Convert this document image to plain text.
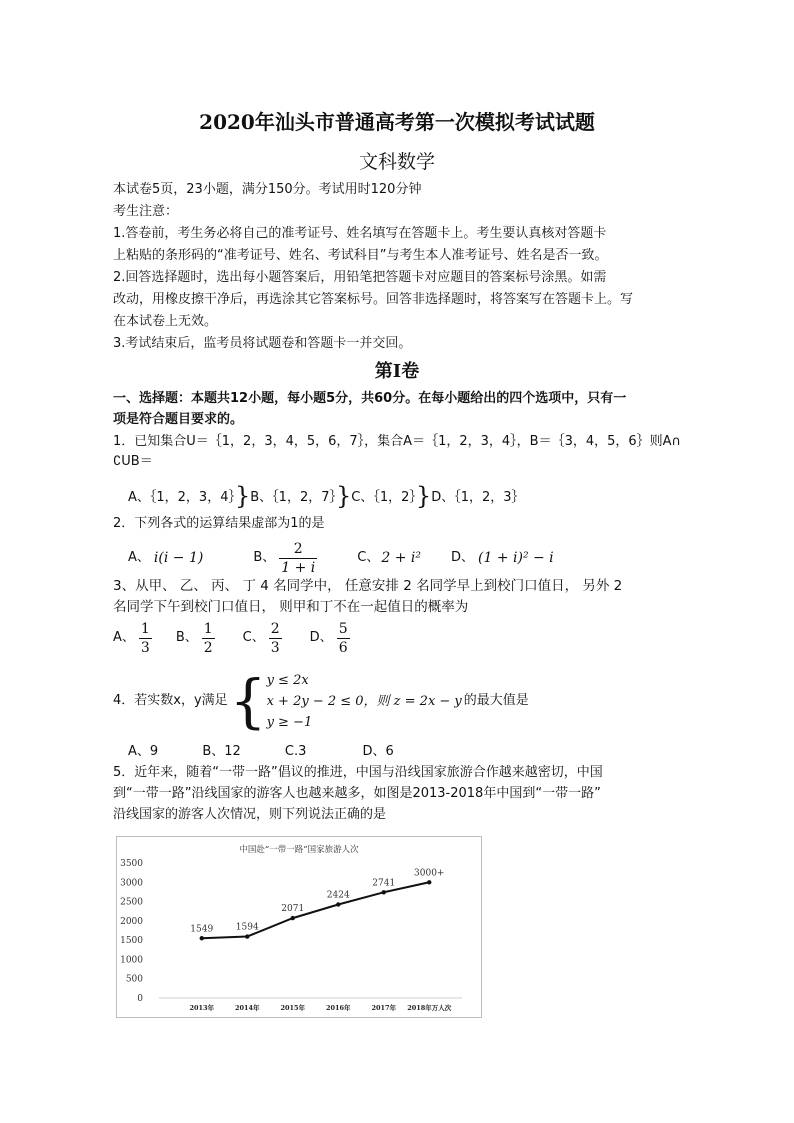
2020年汕头市普通高考第一次模拟考试试题
文科数学
本试卷5页，23小题，满分150分。考试用时120分钟
考生注意：
1.答卷前，考生务必将自己的准考证号、姓名填写在答题卡上。考生要认真核对答题卡
上粘贴的条形码的“准考证号、姓名、考试科目”与考生本人准考证号、姓名是否一致。
2.回答选择题时，选出每小题答案后，用铅笔把答题卡对应题目的答案标号涂黑。如需
改动，用橡皮擦干净后，再选涂其它答案标号。回答非选择题时，将答案写在答题卡上。写
在本试卷上无效。
3.考试结束后，监考员将试题卷和答题卡一并交回。
第I卷
一、选择题：本题共12小题，每小题5分，共60分。在每小题给出的四个选项中，只有一
项是符合题目要求的。
1．已知集合U＝｛1，2，3，4，5，6，7｝，集合A＝｛1，2，3，4｝，B＝｛3，4，5，6｝则A∩
∁UB＝
A、｛1，2，3，4｝}B、｛1，2，7｝}C、｛1，2｝}D、｛1，2，3｝
2．下列各式的运算结果虚部为1的是
A、 i(i − 1)	B、 $\frac{2}{1 + i}$	C、 2 + i² D、 (1 + i)² − i
3、从甲、 乙、 丙、 丁 4 名同学中， 任意安排 2 名同学早上到校门口值日， 另外 2
名同学下午到校门口值日， 则甲和丁不在一起值日的概率为
A、 $\frac{1}{3}$ B、 $\frac{1}{2}$ C、 $\frac{2}{3}$ D、 $\frac{5}{6}$
4．若实数x，y满足 { y ≤ 2x
x + 2y − 2 ≤ 0，则 z = 2x − y
y ≥ −1
的最大值是
A、9	B、12	C.3	D、6
5．近年来，随着“一带一路”倡议的推进，中国与沿线国家旅游合作越来越密切，中国
到“一带一路”沿线国家的游客人也越来越多，如图是2013-2018年中国到“一带一路”
沿线国家的游客人次情况，则下列说法正确的是
中国赴“一带一路”国家旅游人次
0
500
1000
1500
2000
2500
3000
3500
2013年	2014年	2015年	2016年	2017年 2018年万人次
1549	1594
2071
2424
2741
3000+
